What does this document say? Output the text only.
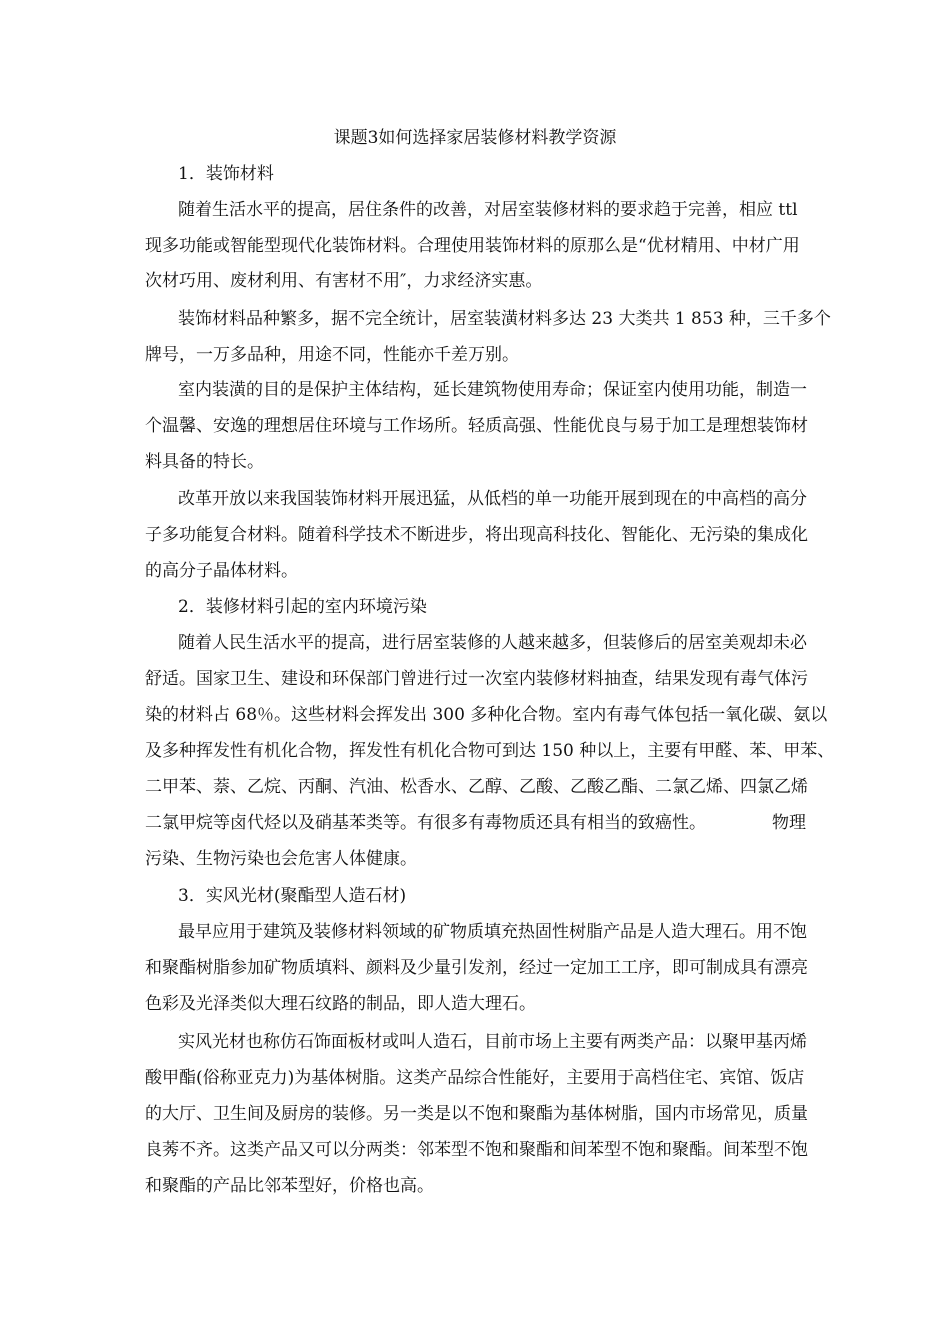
课题3如何选择家居装修材料教学资源
1．装饰材料
随着生活水平的提高，居住条件的改善，对居室装修材料的要求趋于完善，相应 ttl
现多功能或智能型现代化装饰材料。合理使用装饰材料的原那么是“优材精用、中材广用
次材巧用、废材利用、有害材不用″，力求经济实惠。
装饰材料品种繁多，据不完全统计，居室装潢材料多达 23 大类共 1 853 种，三千多个
牌号，一万多品种，用途不同，性能亦千差万别。
室内装潢的目的是保护主体结构，延长建筑物使用寿命；保证室内使用功能，制造一
个温馨、安逸的理想居住环境与工作场所。轻质高强、性能优良与易于加工是理想装饰材
料具备的特长。
改革开放以来我国装饰材料开展迅猛，从低档的单一功能开展到现在的中高档的高分
子多功能复合材料。随着科学技术不断进步，将出现高科技化、智能化、无污染的集成化
的高分子晶体材料。
2．装修材料引起的室内环境污染
随着人民生活水平的提高，进行居室装修的人越来越多，但装修后的居室美观却未必
舒适。国家卫生、建设和环保部门曾进行过一次室内装修材料抽查，结果发现有毒气体污
染的材料占 68％。这些材料会挥发出 300 多种化合物。室内有毒气体包括一氧化碳、氨以
及多种挥发性有机化合物，挥发性有机化合物可到达 150 种以上，主要有甲醛、苯、甲苯、
二甲苯、萘、乙烷、丙酮、汽油、松香水、乙醇、乙酸、乙酸乙酯、二氯乙烯、四氯乙烯
二氯甲烷等卤代烃以及硝基苯类等。有很多有毒物质还具有相当的致癌性。	物理
污染、生物污染也会危害人体健康。
3．实风光材(聚酯型人造石材)
最早应用于建筑及装修材料领域的矿物质填充热固性树脂产品是人造大理石。用不饱
和聚酯树脂参加矿物质填料、颜料及少量引发剂，经过一定加工工序，即可制成具有漂亮
色彩及光泽类似大理石纹路的制品，即人造大理石。
实风光材也称仿石饰面板材或叫人造石，目前市场上主要有两类产品：以聚甲基丙烯
酸甲酯(俗称亚克力)为基体树脂。这类产品综合性能好，主要用于高档住宅、宾馆、饭店
的大厅、卫生间及厨房的装修。另一类是以不饱和聚酯为基体树脂，国内市场常见，质量
良莠不齐。这类产品又可以分两类：邻苯型不饱和聚酯和间苯型不饱和聚酯。间苯型不饱
和聚酯的产品比邻苯型好，价格也高。
